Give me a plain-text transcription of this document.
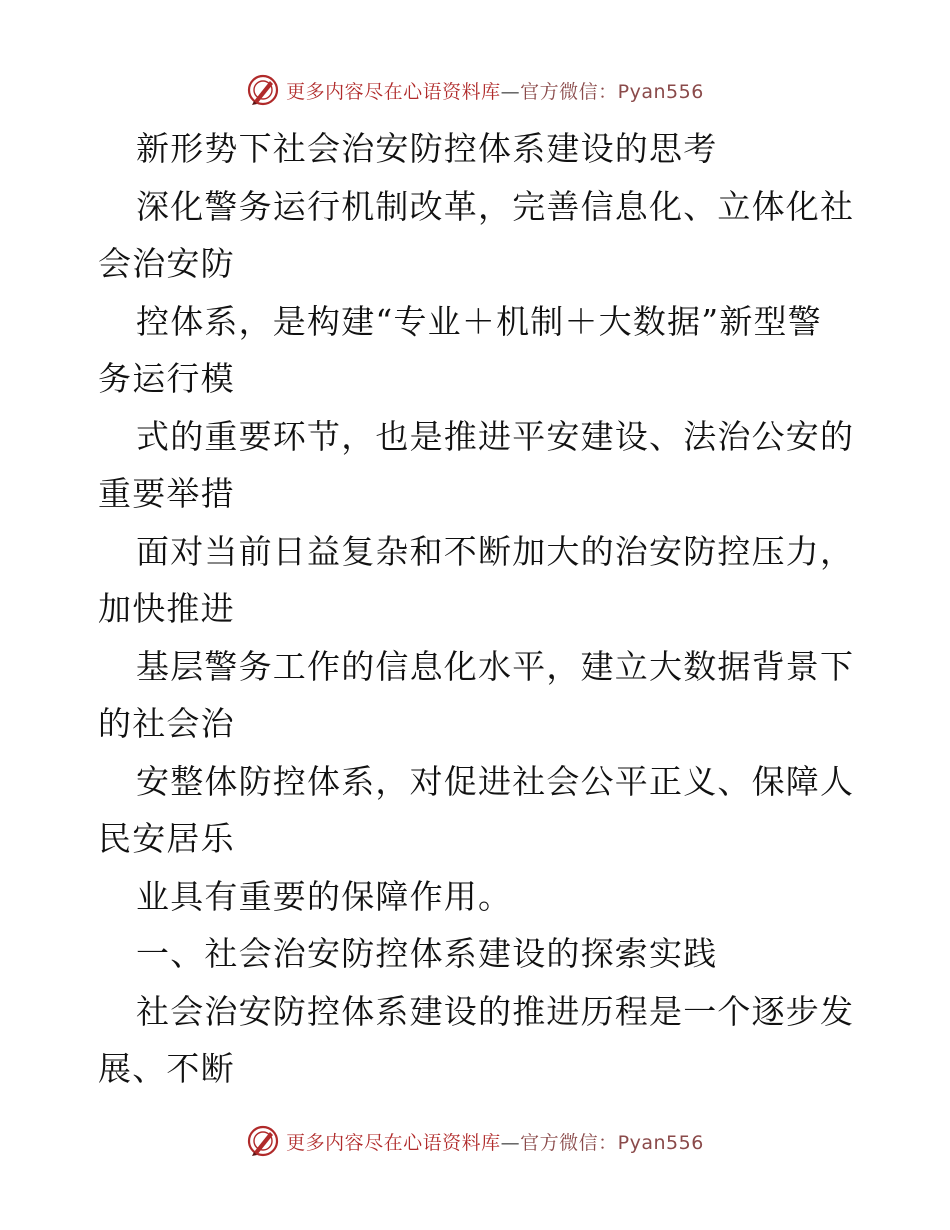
更多内容尽在心语资料库—官方微信：Pyan556
新形势下社会治安防控体系建设的思考
深化警务运行机制改革，完善信息化、立体化社
会治安防
控体系，是构建“专业＋机制＋大数据”新型警
务运行模
式的重要环节，也是推进平安建设、法治公安的
重要举措
面对当前日益复杂和不断加大的治安防控压力，
加快推进
基层警务工作的信息化水平，建立大数据背景下
的社会治
安整体防控体系，对促进社会公平正义、保障人
民安居乐
业具有重要的保障作用。
一、社会治安防控体系建设的探索实践
社会治安防控体系建设的推进历程是一个逐步发
展、不断
更多内容尽在心语资料库—官方微信：Pyan556
